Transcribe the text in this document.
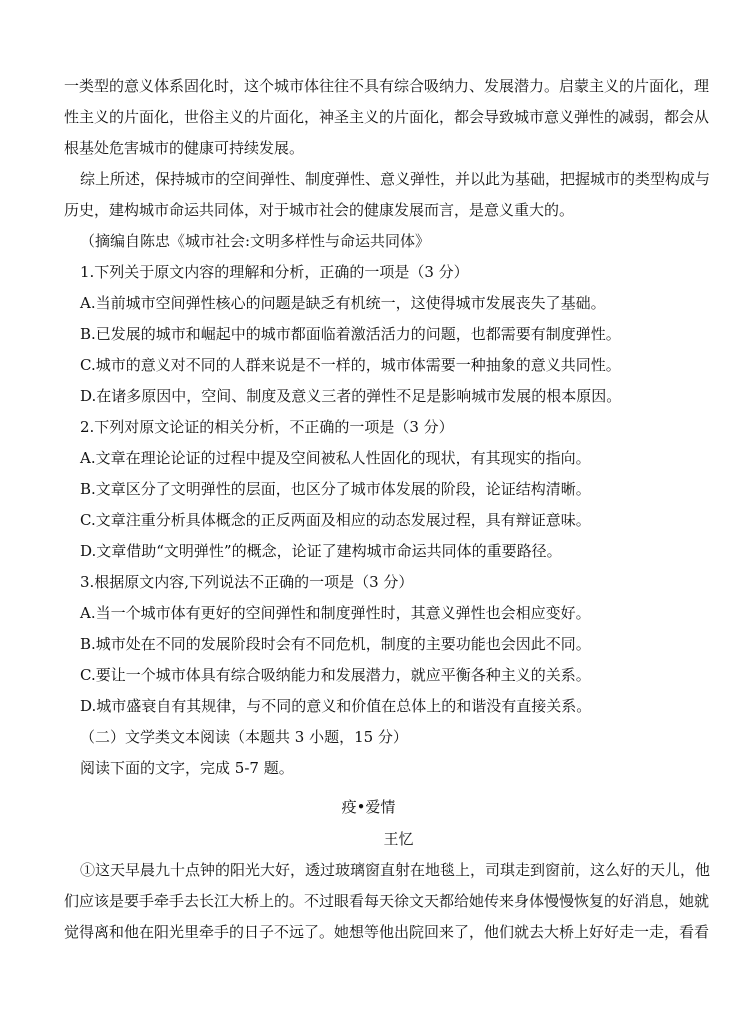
一类型的意义体系固化时，这个城市体往往不具有综合吸纳力、发展潜力。启蒙主义的片面化，理
性主义的片面化，世俗主义的片面化，神圣主义的片面化，都会导致城市意义弹性的减弱，都会从
根基处危害城市的健康可持续发展。
综上所述，保持城市的空间弹性、制度弹性、意义弹性，并以此为基础，把握城市的类型构成与
历史，建构城市命运共同体，对于城市社会的健康发展而言，是意义重大的。
（摘编自陈忠《城市社会:文明多样性与命运共同体》
1.下列关于原文内容的理解和分析，正确的一项是（3 分）
A.当前城市空间弹性核心的问题是缺乏有机统一，这使得城市发展丧失了基础。
B.已发展的城市和崛起中的城市都面临着激活活力的问题，也都需要有制度弹性。
C.城市的意义对不同的人群来说是不一样的，城市体需要一种抽象的意义共同性。
D.在诸多原因中，空间、制度及意义三者的弹性不足是影响城市发展的根本原因。
2.下列对原文论证的相关分析，不正确的一项是（3 分）
A.文章在理论论证的过程中提及空间被私人性固化的现状，有其现实的指向。
B.文章区分了文明弹性的层面，也区分了城市体发展的阶段，论证结构清晰。
C.文章注重分析具体概念的正反两面及相应的动态发展过程，具有辩证意味。
D.文章借助“文明弹性”的概念，论证了建构城市命运共同体的重要路径。
3.根据原文内容,下列说法不正确的一项是（3 分）
A.当一个城市体有更好的空间弹性和制度弹性时，其意义弹性也会相应变好。
B.城市处在不同的发展阶段时会有不同危机，制度的主要功能也会因此不同。
C.要让一个城市体具有综合吸纳能力和发展潜力，就应平衡各种主义的关系。
D.城市盛衰自有其规律，与不同的意义和价值在总体上的和谐没有直接关系。
（二）文学类文本阅读（本题共 3 小题，15 分）
阅读下面的文字，完成 5-7 题。
疫•爱情
王忆
①这天早晨九十点钟的阳光大好，透过玻璃窗直射在地毯上，司琪走到窗前，这么好的天儿，他
们应该是要手牵手去长江大桥上的。不过眼看每天徐文天都给她传来身体慢慢恢复的好消息，她就
觉得离和他在阳光里牵手的日子不远了。她想等他出院回来了，他们就去大桥上好好走一走，看看
